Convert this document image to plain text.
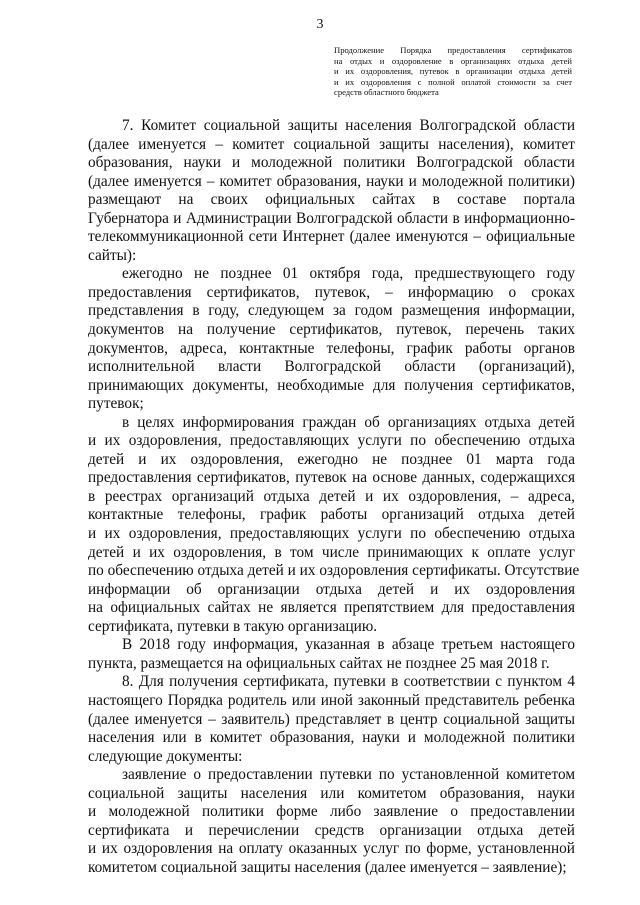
3
Продолжение Порядка предоставления сертификатов
на отдых и оздоровление в организациях отдыха детей
и их оздоровления, путевок в организации отдыха детей
и их оздоровления с полной оплатой стоимости за счет
средств областного бюджета
7. Комитет социальной защиты населения Волгоградской области
(далее именуется – комитет социальной защиты населения), комитет
образования, науки и молодежной политики Волгоградской области
(далее именуется – комитет образования, науки и молодежной политики)
размещают на своих официальных сайтах в составе портала
Губернатора и Администрации Волгоградской области в информационно-
телекоммуникационной сети Интернет (далее именуются – официальные
сайты):
ежегодно не позднее 01 октября года, предшествующего году
предоставления сертификатов, путевок, – информацию о сроках
представления в году, следующем за годом размещения информации,
документов на получение сертификатов, путевок, перечень таких
документов, адреса, контактные телефоны, график работы органов
исполнительной власти Волгоградской области (организаций),
принимающих документы, необходимые для получения сертификатов,
путевок;
в целях информирования граждан об организациях отдыха детей
и их оздоровления, предоставляющих услуги по обеспечению отдыха
детей и их оздоровления, ежегодно не позднее 01 марта года
предоставления сертификатов, путевок на основе данных, содержащихся
в реестрах организаций отдыха детей и их оздоровления, – адреса,
контактные телефоны, график работы организаций отдыха детей
и их оздоровления, предоставляющих услуги по обеспечению отдыха
детей и их оздоровления, в том числе принимающих к оплате услуг
по обеспечению отдыха детей и их оздоровления сертификаты. Отсутствие
информации об организации отдыха детей и их оздоровления
на официальных сайтах не является препятствием для предоставления
сертификата, путевки в такую организацию.
В 2018 году информация, указанная в абзаце третьем настоящего
пункта, размещается на официальных сайтах не позднее 25 мая 2018 г.
8. Для получения сертификата, путевки в соответствии с пунктом 4
настоящего Порядка родитель или иной законный представитель ребенка
(далее именуется – заявитель) представляет в центр социальной защиты
населения или в комитет образования, науки и молодежной политики
следующие документы:
заявление о предоставлении путевки по установленной комитетом
социальной защиты населения или комитетом образования, науки
и молодежной политики форме либо заявление о предоставлении
сертификата и перечислении средств организации отдыха детей
и их оздоровления на оплату оказанных услуг по форме, установленной
комитетом социальной защиты населения (далее именуется – заявление);
